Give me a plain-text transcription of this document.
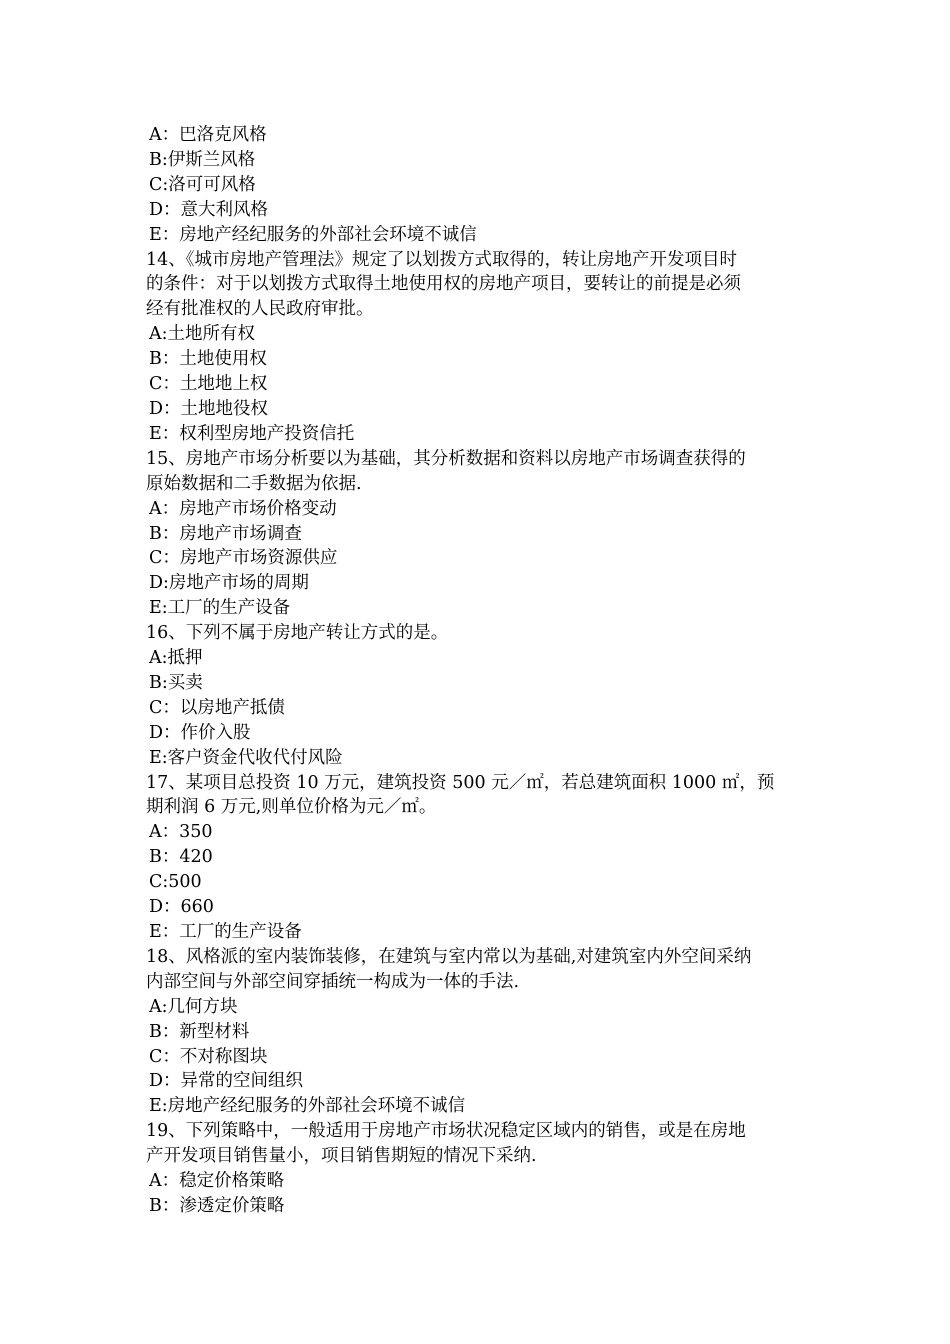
A：巴洛克风格
B:伊斯兰风格
C:洛可可风格
D：意大利风格
E：房地产经纪服务的外部社会环境不诚信
14、《城市房地产管理法》规定了以划拨方式取得的，转让房地产开发项目时
的条件：对于以划拨方式取得土地使用权的房地产项目，要转让的前提是必须
经有批准权的人民政府审批。
A:土地所有权
B：土地使用权
C：土地地上权
D：土地地役权
E：权利型房地产投资信托
15、房地产市场分析要以为基础，其分析数据和资料以房地产市场调查获得的
原始数据和二手数据为依据.
A：房地产市场价格变动
B：房地产市场调查
C：房地产市场资源供应
D:房地产市场的周期
E:工厂的生产设备
16、下列不属于房地产转让方式的是。
A:抵押
B:买卖
C：以房地产抵债
D：作价入股
E:客户资金代收代付风险
17、某项目总投资 10 万元，建筑投资 500 元／㎡，若总建筑面积 1000 ㎡，预
期利润 6 万元,则单位价格为元／㎡。
A：350
B：420
C:500
D：660
E：工厂的生产设备
18、风格派的室内装饰装修，在建筑与室内常以为基础,对建筑室内外空间采纳
内部空间与外部空间穿插统一构成为一体的手法.
A:几何方块
B：新型材料
C：不对称图块
D：异常的空间组织
E:房地产经纪服务的外部社会环境不诚信
19、下列策略中，一般适用于房地产市场状况稳定区域内的销售，或是在房地
产开发项目销售量小，项目销售期短的情况下采纳.
A：稳定价格策略
B：渗透定价策略
